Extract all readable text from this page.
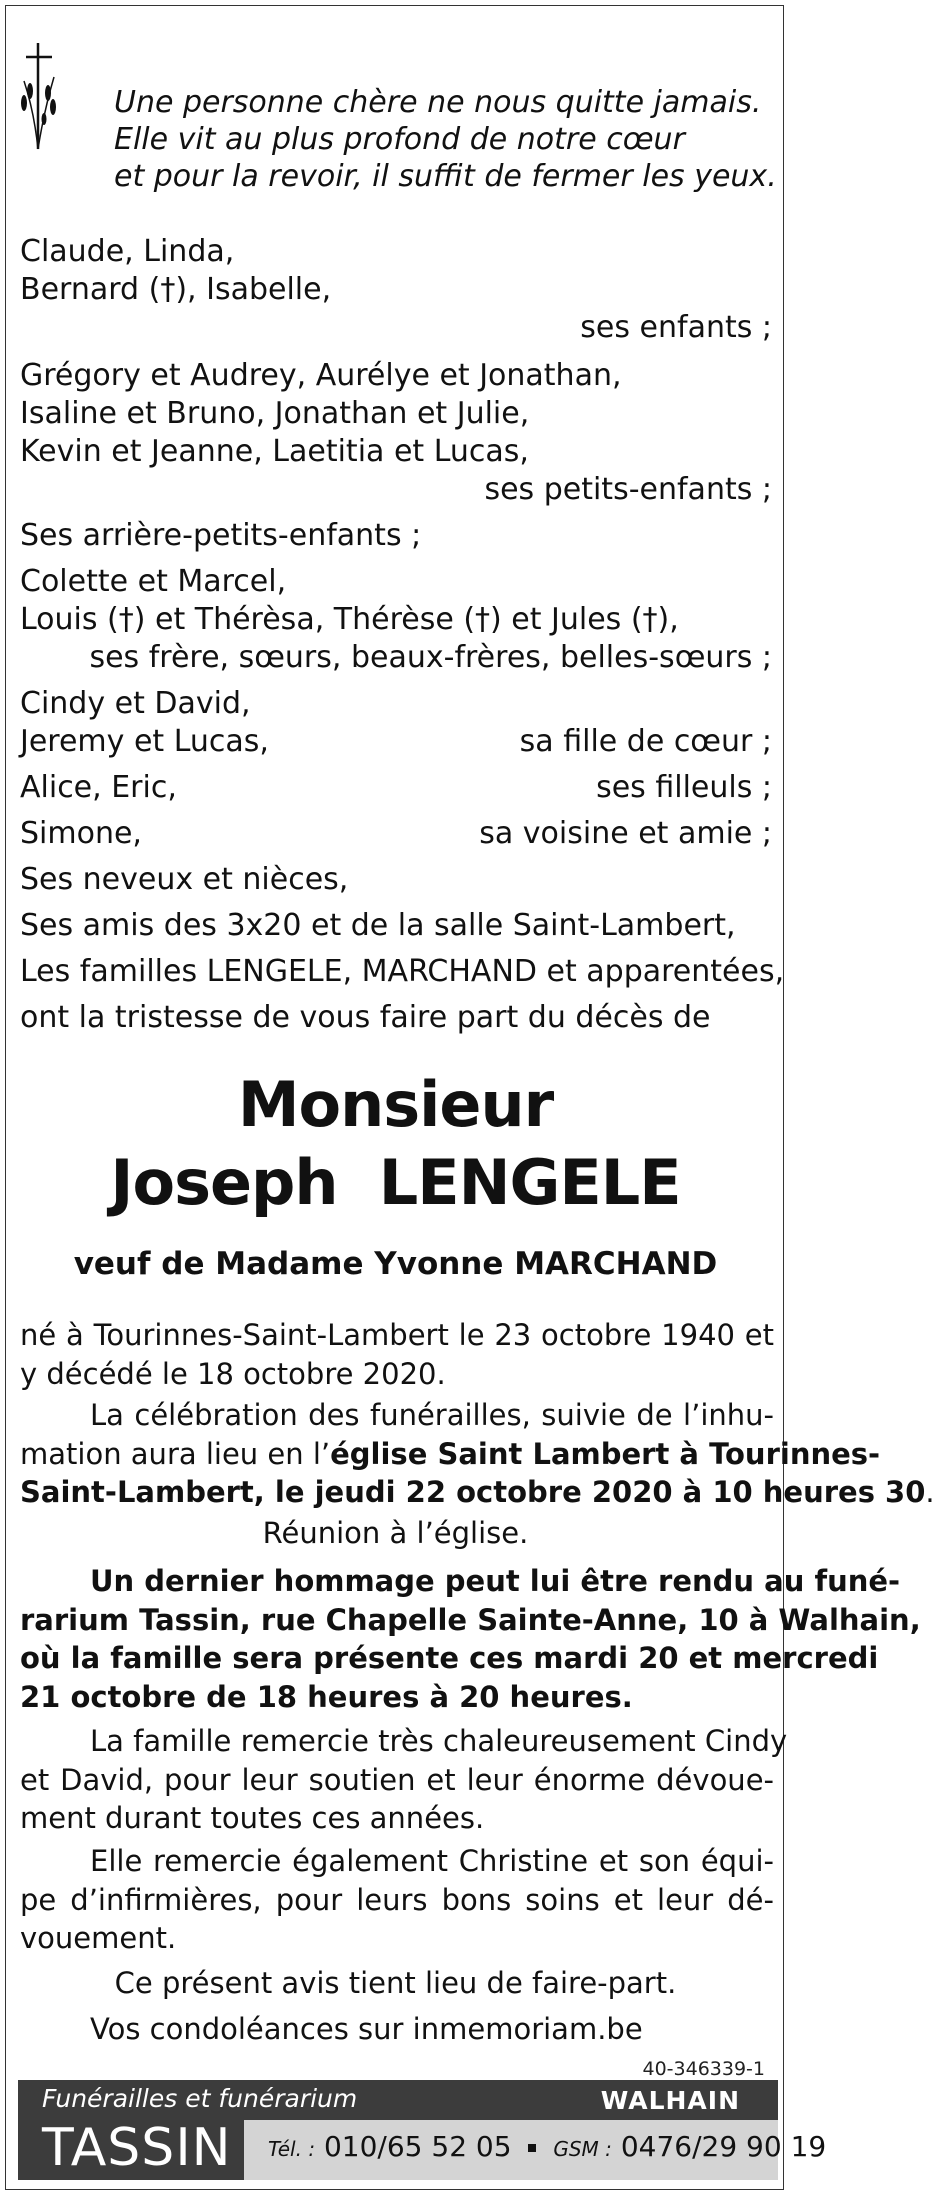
Une personne chère ne nous quitte jamais.
Elle vit au plus profond de notre cœur
et pour la revoir, il suffit de fermer les yeux.
Claude, Linda,
Bernard (†), Isabelle,
ses enfants ;
Grégory et Audrey, Aurélye et Jonathan,
Isaline et Bruno, Jonathan et Julie,
Kevin et Jeanne, Laetitia et Lucas,
ses petits-enfants ;
Ses arrière-petits-enfants ;
Colette et Marcel,
Louis (†) et Thérèsa, Thérèse (†) et Jules (†),
ses frère, sœurs, beaux-frères, belles-sœurs ;
Cindy et David,
Jeremy et Lucas,	sa fille de cœur ;
Alice, Eric,	ses filleuls ;
Simone,	sa voisine et amie ;
Ses neveux et nièces,
Ses amis des 3x20 et de la salle Saint-Lambert,
Les familles LENGELE, MARCHAND et apparentées,
ont la tristesse de vous faire part du décès de
Monsieur
Joseph  LENGELE
veuf de Madame Yvonne MARCHAND
né à Tourinnes-Saint-Lambert le 23 octobre 1940 et
y décédé le 18 octobre 2020.
La célébration des funérailles, suivie de l’inhu-
mation aura lieu en l’église Saint Lambert à Tourinnes-
Saint-Lambert, le jeudi 22 octobre 2020 à 10 heures 30.
Réunion à l’église.
Un dernier hommage peut lui être rendu au funé-
rarium Tassin, rue Chapelle Sainte-Anne, 10 à Walhain,
où la famille sera présente ces mardi 20 et mercredi
21 octobre de 18 heures à 20 heures.
La famille remercie très chaleureusement Cindy
et David, pour leur soutien et leur énorme dévoue-
ment durant toutes ces années.
Elle remercie également Christine et son équi-
pe d’infirmières, pour leurs bons soins et leur dé-
vouement.
Ce présent avis tient lieu de faire-part.
Vos condoléances sur inmemoriam.be
40-346339-1
Funérailles et funérarium
TASSIN
WALHAIN
Tél. : 010/65 52 05 GSM : 0476/29 90 19
